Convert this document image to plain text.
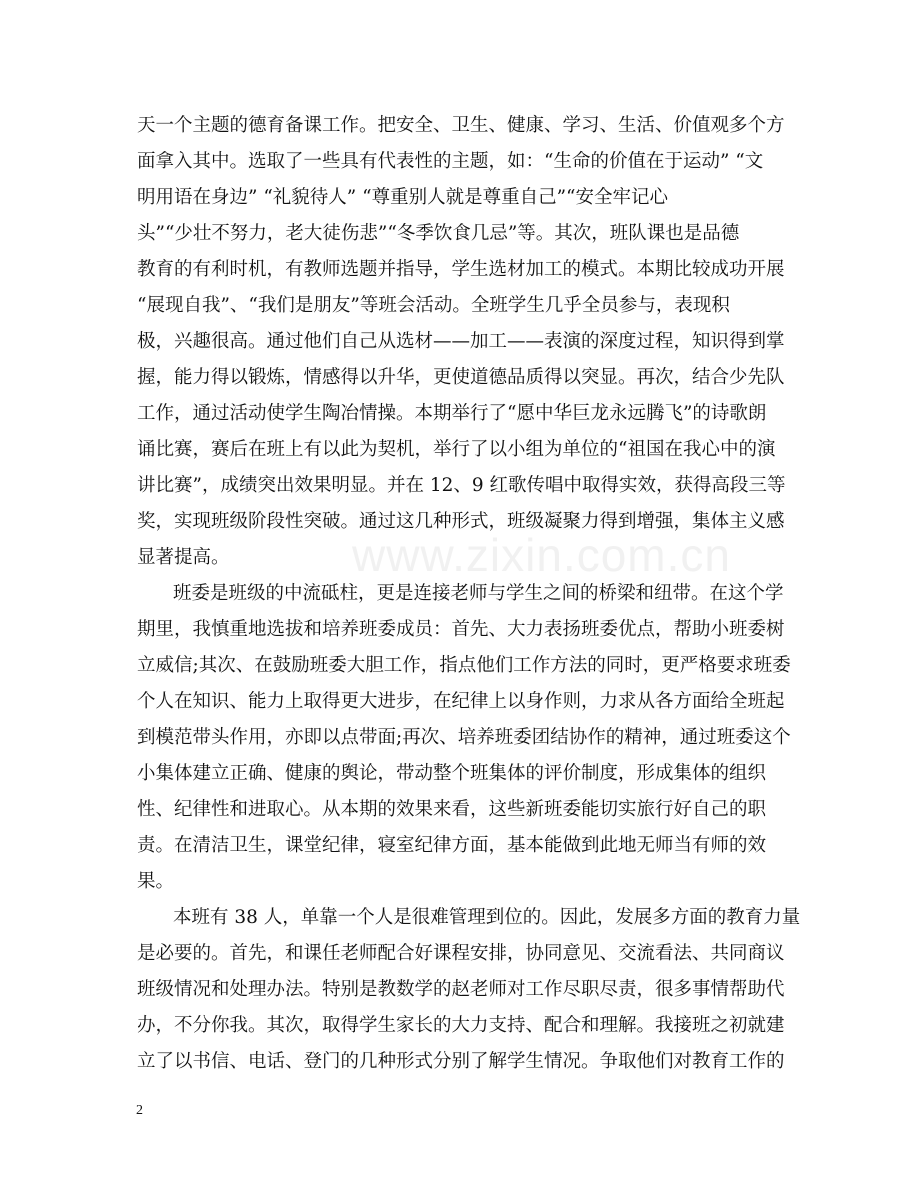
www.zixin.com.cn
天一个主题的德育备课工作。把安全、卫生、健康、学习、生活、价值观多个方
面拿入其中。选取了一些具有代表性的主题，如：“生命的价值在于运动” “文
明用语在身边” “礼貌待人” “尊重别人就是尊重自己”“安全牢记心
头”“少壮不努力，老大徒伤悲”“冬季饮食几忌”等。其次，班队课也是品德
教育的有利时机，有教师选题并指导，学生选材加工的模式。本期比较成功开展
“展现自我”、“我们是朋友”等班会活动。全班学生几乎全员参与，表现积
极，兴趣很高。通过他们自己从选材——加工——表演的深度过程，知识得到掌
握，能力得以锻炼，情感得以升华，更使道德品质得以突显。再次，结合少先队
工作，通过活动使学生陶冶情操。本期举行了“愿中华巨龙永远腾飞”的诗歌朗
诵比赛，赛后在班上有以此为契机，举行了以小组为单位的“祖国在我心中的演
讲比赛”，成绩突出效果明显。并在 12、9 红歌传唱中取得实效，获得高段三等
奖，实现班级阶段性突破。通过这几种形式，班级凝聚力得到增强，集体主义感
显著提高。
班委是班级的中流砥柱，更是连接老师与学生之间的桥梁和纽带。在这个学
期里，我慎重地选拔和培养班委成员：首先、大力表扬班委优点，帮助小班委树
立威信;其次、在鼓励班委大胆工作，指点他们工作方法的同时，更严格要求班委
个人在知识、能力上取得更大进步，在纪律上以身作则，力求从各方面给全班起
到模范带头作用，亦即以点带面;再次、培养班委团结协作的精神，通过班委这个
小集体建立正确、健康的舆论，带动整个班集体的评价制度，形成集体的组织
性、纪律性和进取心。从本期的效果来看，这些新班委能切实旅行好自己的职
责。在清洁卫生，课堂纪律，寝室纪律方面，基本能做到此地无师当有师的效
果。
本班有 38 人，单靠一个人是很难管理到位的。因此，发展多方面的教育力量
是必要的。首先，和课任老师配合好课程安排，协同意见、交流看法、共同商议
班级情况和处理办法。特别是教数学的赵老师对工作尽职尽责，很多事情帮助代
办，不分你我。其次，取得学生家长的大力支持、配合和理解。我接班之初就建
立了以书信、电话、登门的几种形式分别了解学生情况。争取他们对教育工作的
2
